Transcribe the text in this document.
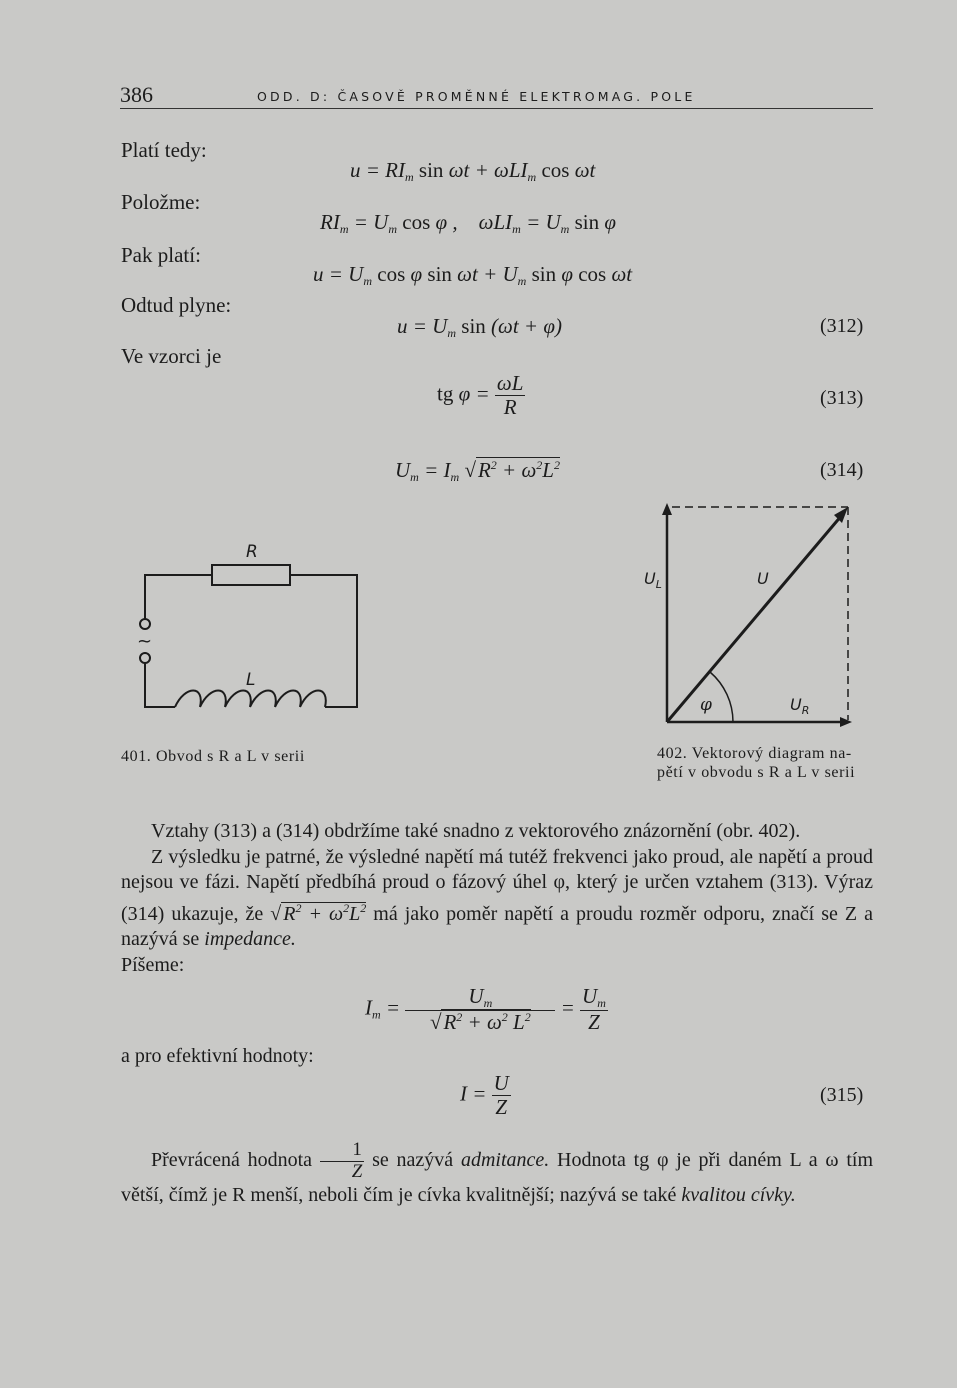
386	ODD. D: ČASOVĚ PROMĚNNÉ ELEKTROMAG. POLE
Platí tedy:
Položme:
Pak platí:
Odtud plyne:
Ve vzorci je
$u = RI_m$ sin ωt + ωLI$_m$ cos ωt
$RI_m = U_m$ cos φ ,    $\omega LI_m = U_m$ sin φ
$u = U_m$ cos φ $\sin \omega t + U_m$ sin φ cos ωt
$u = U_m$ sin (ωt + φ)	(312)
tg $\varphi = \frac{\omega L}{R}$	(313)
$U_m = I_m$ $√R^2 + \omega^2L^2$	(314)
R
L
~
401. Obvod s R a L v serii
$U_L$	U
$U_R$
φ
402. Vektorový diagram na-
pětí v obvodu s R a L v serii

Vztahy (313) a (314) obdržíme také snadno z vektorového znázornění (obr. 402).

Z výsledku je patrné, že výsledné napětí má tutéž frekvenci jako proud, ale napětí a proud nejsou ve fázi. Napětí předbíhá proud o fázový úhel φ, který je určen vztahem (313). Výraz (314) ukazuje, že √ $R^2 + \omega^2L^2$ má jako poměr napětí a proudu rozměr odporu, značí se Z a nazývá se impedance.

Píšeme:

$I_m = \frac{U_m}{√R^2 + \omega^2 L^2} = \frac{U_m}{Z}$
a pro efektivní hodnoty:
$I = \frac{U}{Z}$	(315)

Převrácená hodnota $\frac{1}{Z}$ se nazývá admitance. Hodnota tg φ je při daném L a ω tím větší, čímž je R menší, neboli čím je cívka kvalitnější; nazývá se také kvalitou cívky.
